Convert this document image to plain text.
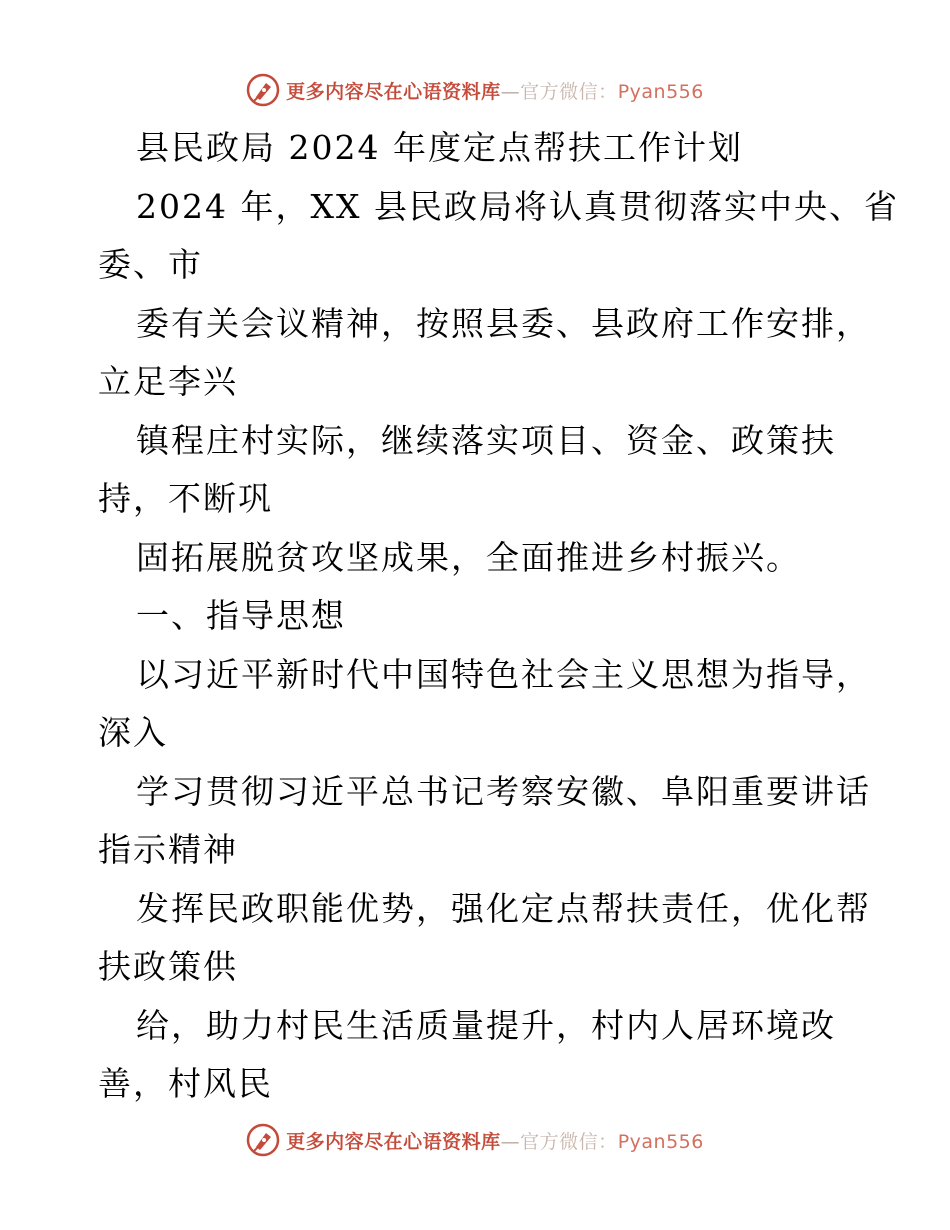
更多内容尽在心语资料库—官方微信：Pyan556
县民政局 2024 年度定点帮扶工作计划
2024 年，XX 县民政局将认真贯彻落实中央、省
委、市
委有关会议精神，按照县委、县政府工作安排，
立足李兴
镇程庄村实际，继续落实项目、资金、政策扶
持，不断巩
固拓展脱贫攻坚成果，全面推进乡村振兴。
一、指导思想
以习近平新时代中国特色社会主义思想为指导，
深入
学习贯彻习近平总书记考察安徽、阜阳重要讲话
指示精神
发挥民政职能优势，强化定点帮扶责任，优化帮
扶政策供
给，助力村民生活质量提升，村内人居环境改
善，村风民
更多内容尽在心语资料库—官方微信：Pyan556
